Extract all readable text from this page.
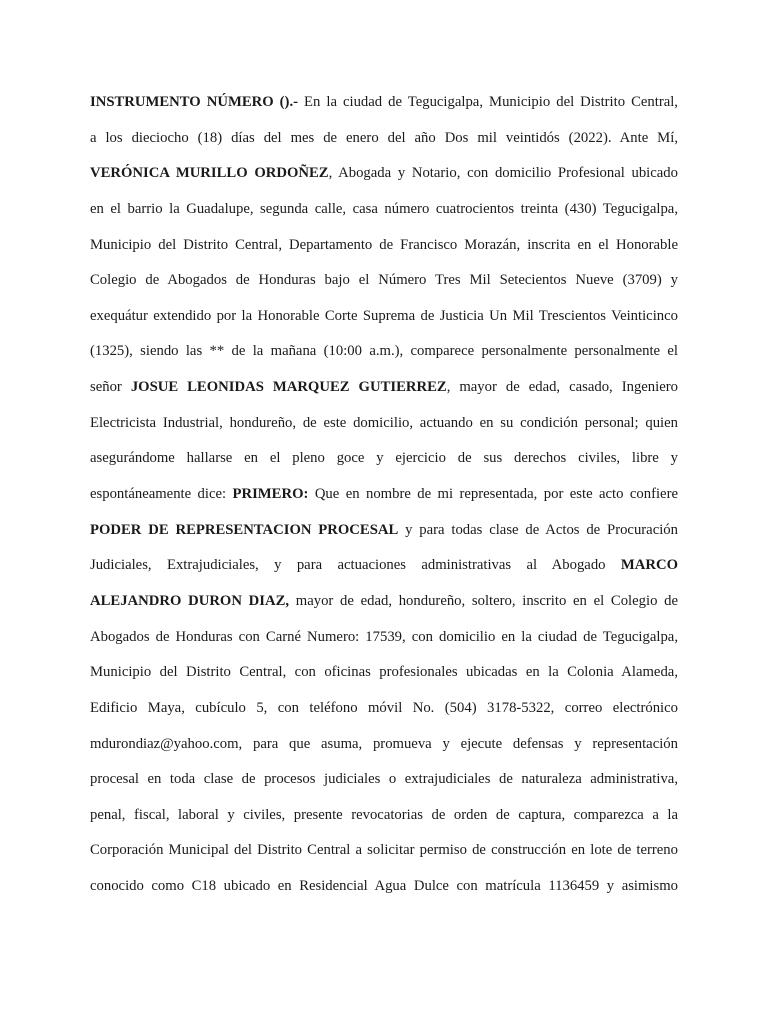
INSTRUMENTO NÚMERO ().- En la ciudad de Tegucigalpa, Municipio del Distrito Central,
a los dieciocho (18) días del mes de enero del año Dos mil veintidós (2022). Ante Mí,
VERÓNICA MURILLO ORDOÑEZ, Abogada y Notario, con domicilio Profesional ubicado
en el barrio la Guadalupe, segunda calle, casa número cuatrocientos treinta (430) Tegucigalpa,
Municipio del Distrito Central, Departamento de Francisco Morazán, inscrita en el Honorable
Colegio de Abogados de Honduras bajo el Número Tres Mil Setecientos Nueve (3709) y
exequátur extendido por la Honorable Corte Suprema de Justicia Un Mil Trescientos Veinticinco
(1325), siendo las ** de la mañana (10:00 a.m.), comparece personalmente personalmente el
señor JOSUE LEONIDAS MARQUEZ GUTIERREZ, mayor de edad, casado, Ingeniero
Electricista Industrial, hondureño, de este domicilio, actuando en su condición personal; quien
asegurándome hallarse en el pleno goce y ejercicio de sus derechos civiles, libre y
espontáneamente dice: PRIMERO: Que en nombre de mi representada, por este acto confiere
PODER DE REPRESENTACION PROCESAL y para todas clase de Actos de Procuración
Judiciales, Extrajudiciales, y para actuaciones administrativas al Abogado MARCO
ALEJANDRO DURON DIAZ, mayor de edad, hondureño, soltero, inscrito en el Colegio de
Abogados de Honduras con Carné Numero: 17539, con domicilio en la ciudad de Tegucigalpa,
Municipio del Distrito Central, con oficinas profesionales ubicadas en la Colonia Alameda,
Edificio Maya, cubículo 5, con teléfono móvil No. (504) 3178-5322, correo electrónico
mdurondiaz@yahoo.com, para que asuma, promueva y ejecute defensas y representación
procesal en toda clase de procesos judiciales o extrajudiciales de naturaleza administrativa,
penal, fiscal, laboral y civiles, presente revocatorias de orden de captura, comparezca a la
Corporación Municipal del Distrito Central a solicitar permiso de construcción en lote de terreno
conocido como C18 ubicado en Residencial Agua Dulce con matrícula 1136459 y asimismo
